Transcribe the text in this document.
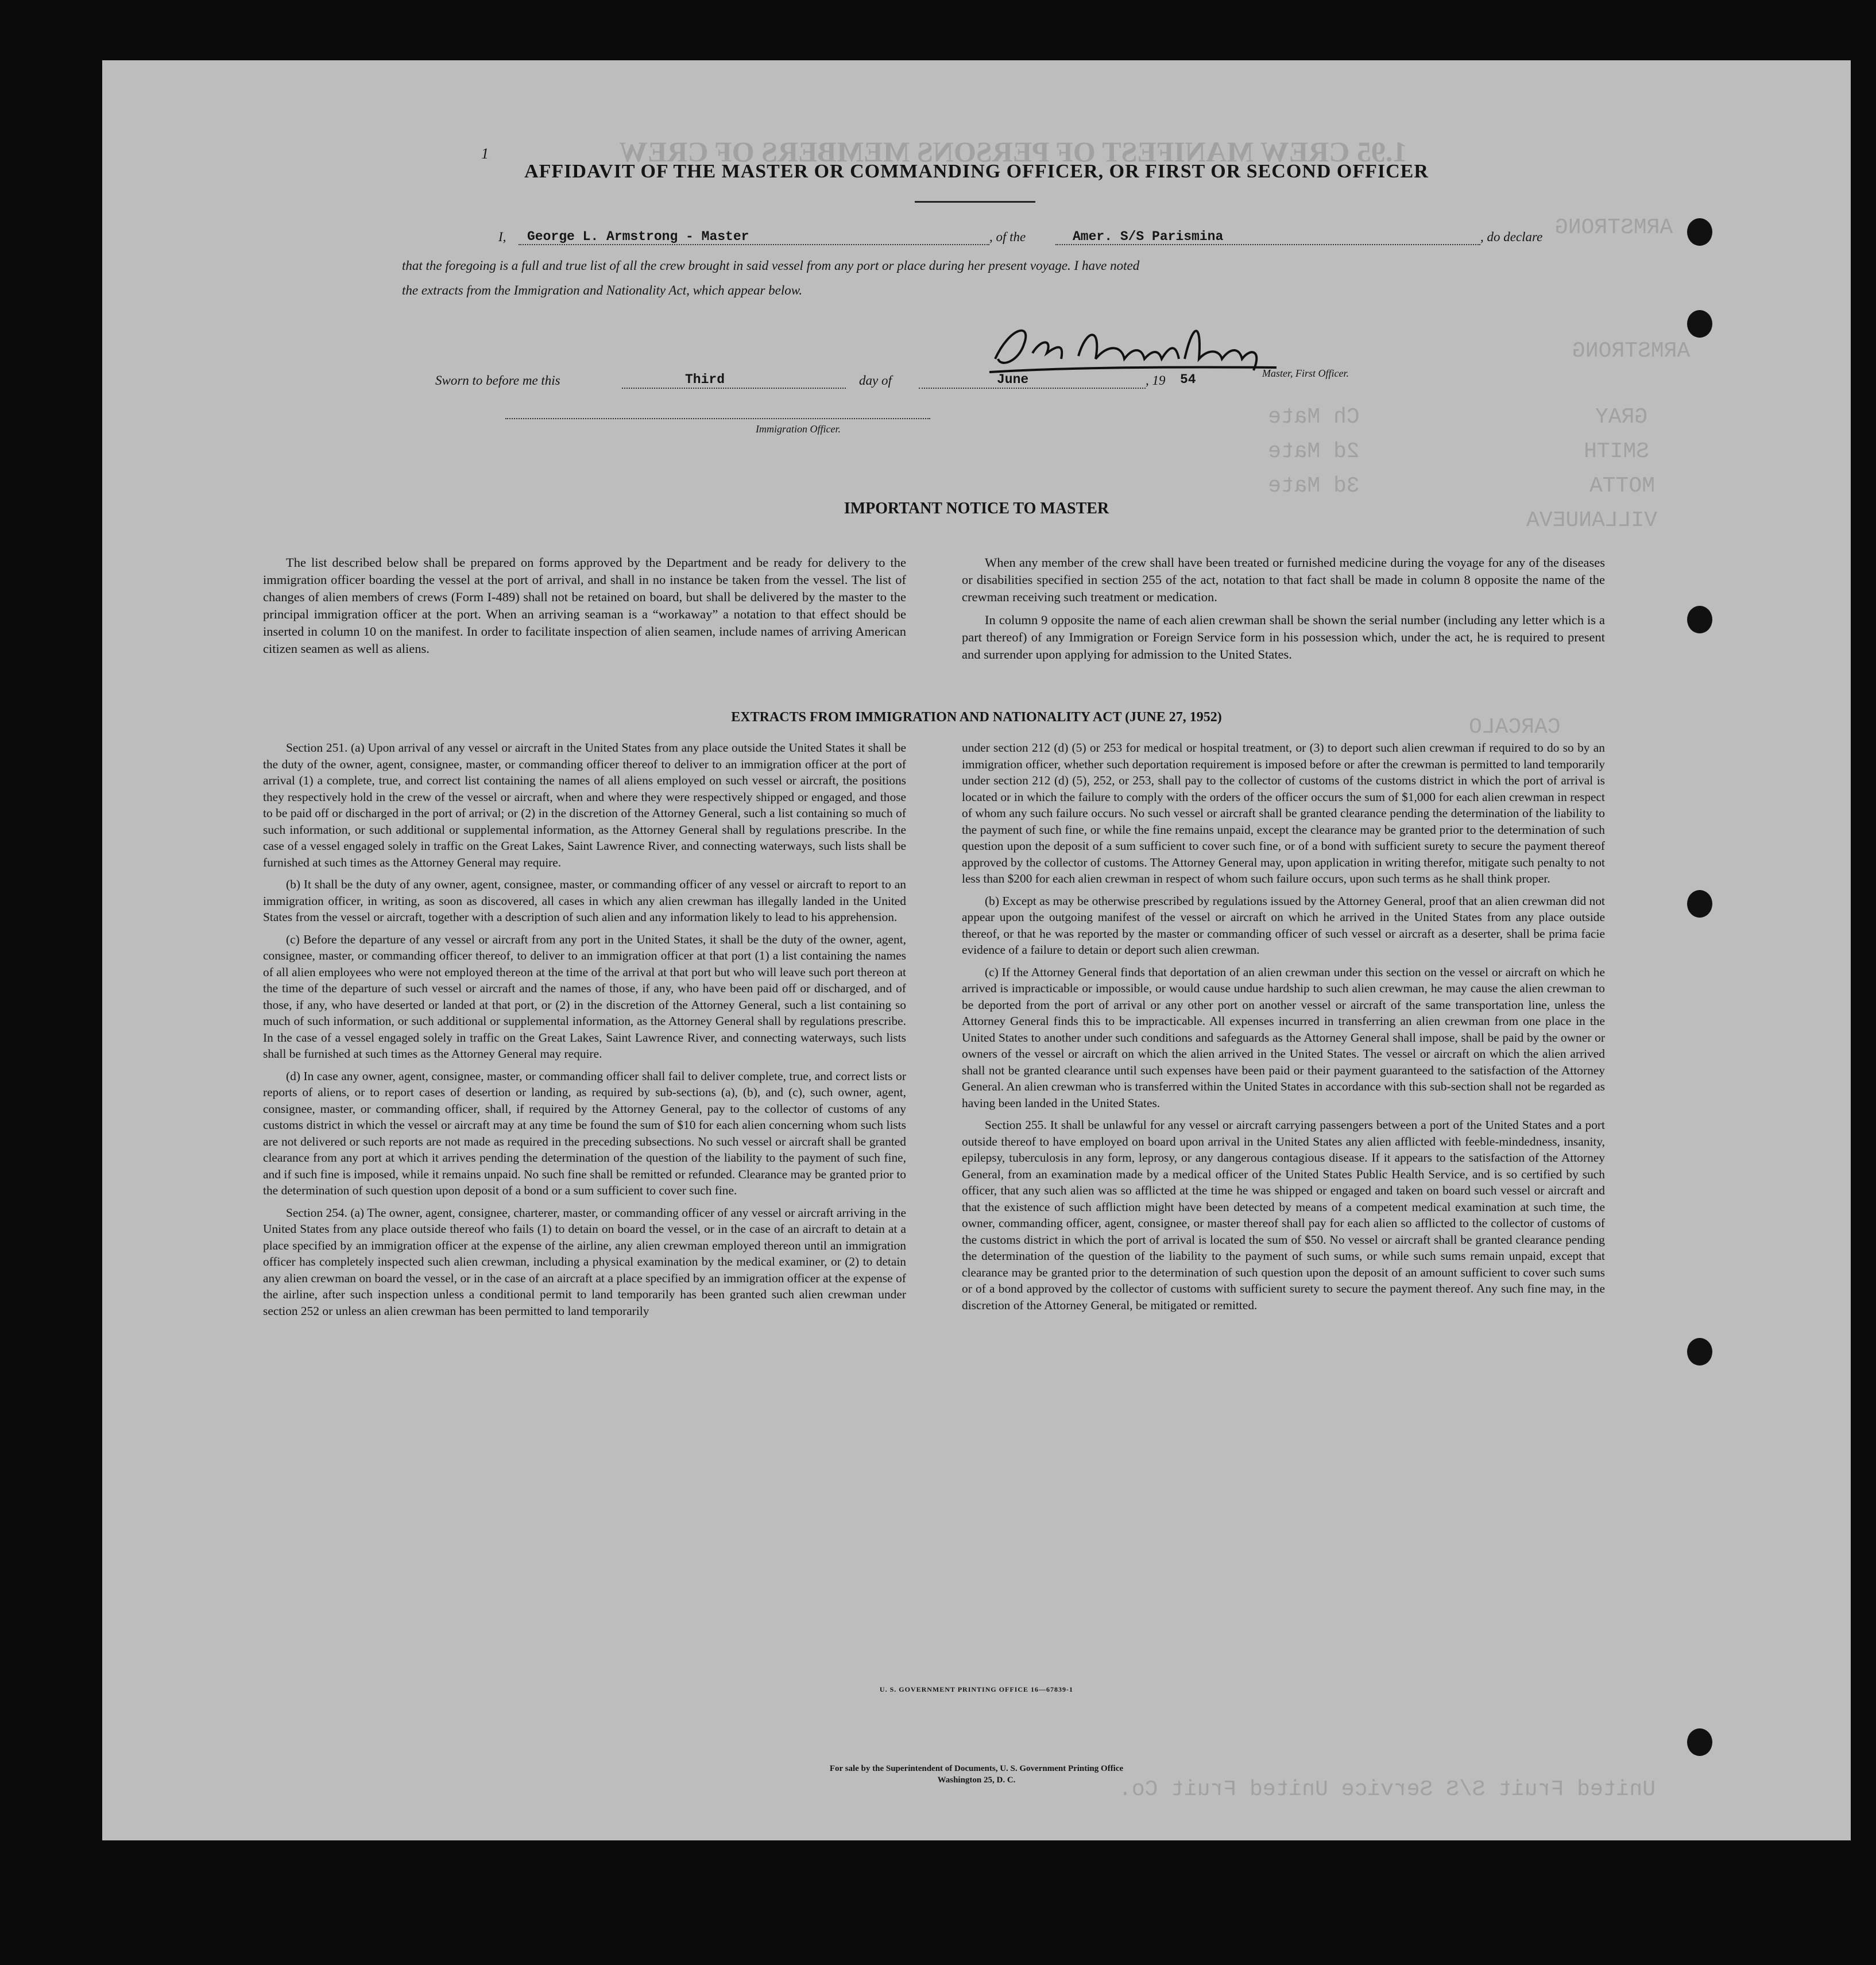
1.95 CREW MANIFEST OF PERSONS MEMBERS OF CREW
ARMSTRONG
ARMSTRONG
GRAY
SMITH
MOTTA
VILLANUEVA
Ch Mate
2d Mate
3d Mate
CARCALO
United Fruit S/S Service United Fruit Co.
1
AFFIDAVIT OF THE MASTER OR COMMANDING OFFICER, OR FIRST OR SECOND OFFICER
I, George L. Armstrong - Master	, of the	Amer. S/S Parismina	, do declare
that the foregoing is a full and true list of all the crew brought in said vessel from any port or place during her present voyage. I have noted
the extracts from the Immigration and Nationality Act, which appear below.
Geo L Armstrong	Master, First Officer.
Sworn to before me this	Third	day of	June	, 19 54
Immigration Officer.
IMPORTANT NOTICE TO MASTER

The list described below shall be prepared on forms approved by the Department and be ready for delivery to the immigration officer boarding the vessel at the port of arrival, and shall in no instance be taken from the vessel. The list of changes of alien members of crews (Form I-489) shall not be retained on board, but shall be delivered by the master to the principal immigration officer at the port. When an arriving seaman is a “workaway” a notation to that effect should be inserted in column 10 on the manifest. In order to facilitate inspection of alien seamen, include names of arriving American citizen seamen as well as aliens.

When any member of the crew shall have been treated or furnished medicine during the voyage for any of the diseases or disabilities specified in section 255 of the act, notation to that fact shall be made in column 8 opposite the name of the crewman receiving such treatment or medication.

In column 9 opposite the name of each alien crewman shall be shown the serial number (including any letter which is a part thereof) of any Immigration or Foreign Service form in his possession which, under the act, he is required to present and surrender upon applying for admission to the United States.

EXTRACTS FROM IMMIGRATION AND NATIONALITY ACT (JUNE 27, 1952)

Section 251. (a) Upon arrival of any vessel or aircraft in the United States from any place outside the United States it shall be the duty of the owner, agent, consignee, master, or commanding officer thereof to deliver to an immigration officer at the port of arrival (1) a complete, true, and correct list containing the names of all aliens employed on such vessel or aircraft, the positions they respectively hold in the crew of the vessel or aircraft, when and where they were respectively shipped or engaged, and those to be paid off or discharged in the port of arrival; or (2) in the discretion of the Attorney General, such a list containing so much of such information, or such additional or supplemental information, as the Attorney General shall by regulations prescribe. In the case of a vessel engaged solely in traffic on the Great Lakes, Saint Lawrence River, and connecting waterways, such lists shall be furnished at such times as the Attorney General may require.

(b) It shall be the duty of any owner, agent, consignee, master, or commanding officer of any vessel or aircraft to report to an immigration officer, in writing, as soon as discovered, all cases in which any alien crewman has illegally landed in the United States from the vessel or aircraft, together with a description of such alien and any information likely to lead to his apprehension.

(c) Before the departure of any vessel or aircraft from any port in the United States, it shall be the duty of the owner, agent, consignee, master, or commanding officer thereof, to deliver to an immigration officer at that port (1) a list containing the names of all alien employees who were not employed thereon at the time of the arrival at that port but who will leave such port thereon at the time of the departure of such vessel or aircraft and the names of those, if any, who have been paid off or discharged, and of those, if any, who have deserted or landed at that port, or (2) in the discretion of the Attorney General, such a list containing so much of such information, or such additional or supplemental information, as the Attorney General shall by regulations prescribe. In the case of a vessel engaged solely in traffic on the Great Lakes, Saint Lawrence River, and connecting waterways, such lists shall be furnished at such times as the Attorney General may require.

(d) In case any owner, agent, consignee, master, or commanding officer shall fail to deliver complete, true, and correct lists or reports of aliens, or to report cases of desertion or landing, as required by sub-sections (a), (b), and (c), such owner, agent, consignee, master, or commanding officer, shall, if required by the Attorney General, pay to the collector of customs of any customs district in which the vessel or aircraft may at any time be found the sum of $10 for each alien concerning whom such lists are not delivered or such reports are not made as required in the preceding subsections. No such vessel or aircraft shall be granted clearance from any port at which it arrives pending the determination of the question of the liability to the payment of such fine, and if such fine is imposed, while it remains unpaid. No such fine shall be remitted or refunded. Clearance may be granted prior to the determination of such question upon deposit of a bond or a sum sufficient to cover such fine.

Section 254. (a) The owner, agent, consignee, charterer, master, or commanding officer of any vessel or aircraft arriving in the United States from any place outside thereof who fails (1) to detain on board the vessel, or in the case of an aircraft to detain at a place specified by an immigration officer at the expense of the airline, any alien crewman employed thereon until an immigration officer has completely inspected such alien crewman, including a physical examination by the medical examiner, or (2) to detain any alien crewman on board the vessel, or in the case of an aircraft at a place specified by an immigration officer at the expense of the airline, after such inspection unless a conditional permit to land temporarily has been granted such alien crewman under section 252 or unless an alien crewman has been permitted to land temporarily

under section 212 (d) (5) or 253 for medical or hospital treatment, or (3) to deport such alien crewman if required to do so by an immigration officer, whether such deportation requirement is imposed before or after the crewman is permitted to land temporarily under section 212 (d) (5), 252, or 253, shall pay to the collector of customs of the customs district in which the port of arrival is located or in which the failure to comply with the orders of the officer occurs the sum of $1,000 for each alien crewman in respect of whom any such failure occurs. No such vessel or aircraft shall be granted clearance pending the determination of the liability to the payment of such fine, or while the fine remains unpaid, except the clearance may be granted prior to the determination of such question upon the deposit of a sum sufficient to cover such fine, or of a bond with sufficient surety to secure the payment thereof approved by the collector of customs. The Attorney General may, upon application in writing therefor, mitigate such penalty to not less than $200 for each alien crewman in respect of whom such failure occurs, upon such terms as he shall think proper.

(b) Except as may be otherwise prescribed by regulations issued by the Attorney General, proof that an alien crewman did not appear upon the outgoing manifest of the vessel or aircraft on which he arrived in the United States from any place outside thereof, or that he was reported by the master or commanding officer of such vessel or aircraft as a deserter, shall be prima facie evidence of a failure to detain or deport such alien crewman.

(c) If the Attorney General finds that deportation of an alien crewman under this section on the vessel or aircraft on which he arrived is impracticable or impossible, or would cause undue hardship to such alien crewman, he may cause the alien crewman to be deported from the port of arrival or any other port on another vessel or aircraft of the same transportation line, unless the Attorney General finds this to be impracticable. All expenses incurred in transferring an alien crewman from one place in the United States to another under such conditions and safeguards as the Attorney General shall impose, shall be paid by the owner or owners of the vessel or aircraft on which the alien arrived in the United States. The vessel or aircraft on which the alien arrived shall not be granted clearance until such expenses have been paid or their payment guaranteed to the satisfaction of the Attorney General. An alien crewman who is transferred within the United States in accordance with this sub-section shall not be regarded as having been landed in the United States.

Section 255. It shall be unlawful for any vessel or aircraft carrying passengers between a port of the United States and a port outside thereof to have employed on board upon arrival in the United States any alien afflicted with feeble-mindedness, insanity, epilepsy, tuberculosis in any form, leprosy, or any dangerous contagious disease. If it appears to the satisfaction of the Attorney General, from an examination made by a medical officer of the United States Public Health Service, and is so certified by such officer, that any such alien was so afflicted at the time he was shipped or engaged and taken on board such vessel or aircraft and that the existence of such affliction might have been detected by means of a competent medical examination at such time, the owner, commanding officer, agent, consignee, or master thereof shall pay for each alien so afflicted to the collector of customs of the customs district in which the port of arrival is located the sum of $50. No vessel or aircraft shall be granted clearance pending the determination of the question of the liability to the payment of such sums, or while such sums remain unpaid, except that clearance may be granted prior to the determination of such question upon the deposit of an amount sufficient to cover such sums or of a bond approved by the collector of customs with sufficient surety to secure the payment thereof. Any such fine may, in the discretion of the Attorney General, be mitigated or remitted.

U. S. GOVERNMENT PRINTING OFFICE 16—67839-1
For sale by the Superintendent of Documents, U. S. Government Printing Office
Washington 25, D. C.
